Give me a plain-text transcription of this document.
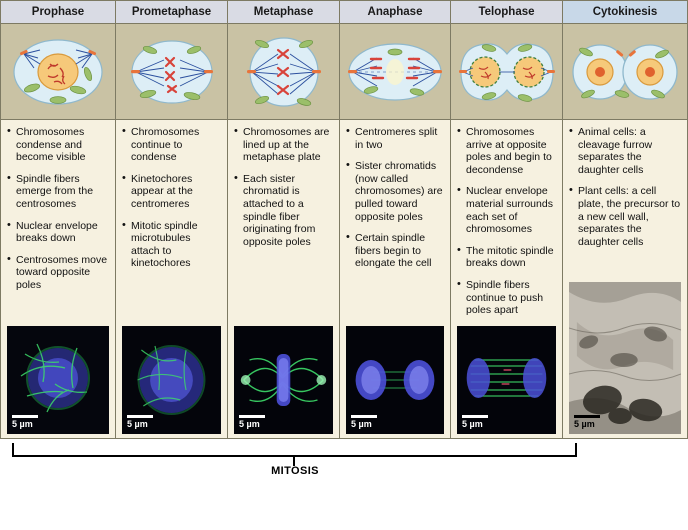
Prophase
• Chromosomes condense and become visible
• Spindle fibers emerge from the centrosomes
• Nuclear envelope breaks down
• Centrosomes move toward opposite poles
5 µm
Prometaphase
• Chromosomes continue to condense
• Kinetochores appear at the centromeres
• Mitotic spindle microtubules attach to kinetochores
5 µm
Metaphase
• Chromosomes are lined up at the metaphase plate
• Each sister chromatid is attached to a spindle fiber originating from opposite poles
5 µm
Anaphase
• Centromeres split in two
• Sister chromatids (now called chromosomes) are pulled toward opposite poles
• Certain spindle fibers begin to elongate the cell
5 µm
Telophase
• Chromosomes arrive at opposite poles and begin to decondense
• Nuclear envelope material surrounds each set of chromosomes
• The mitotic spindle breaks down
• Spindle fibers continue to push poles apart
5 µm
Cytokinesis
• Animal cells: a cleavage furrow separates the daughter cells
• Plant cells: a cell plate, the precursor to a new cell wall, separates the daughter cells
5 µm
MITOSIS
